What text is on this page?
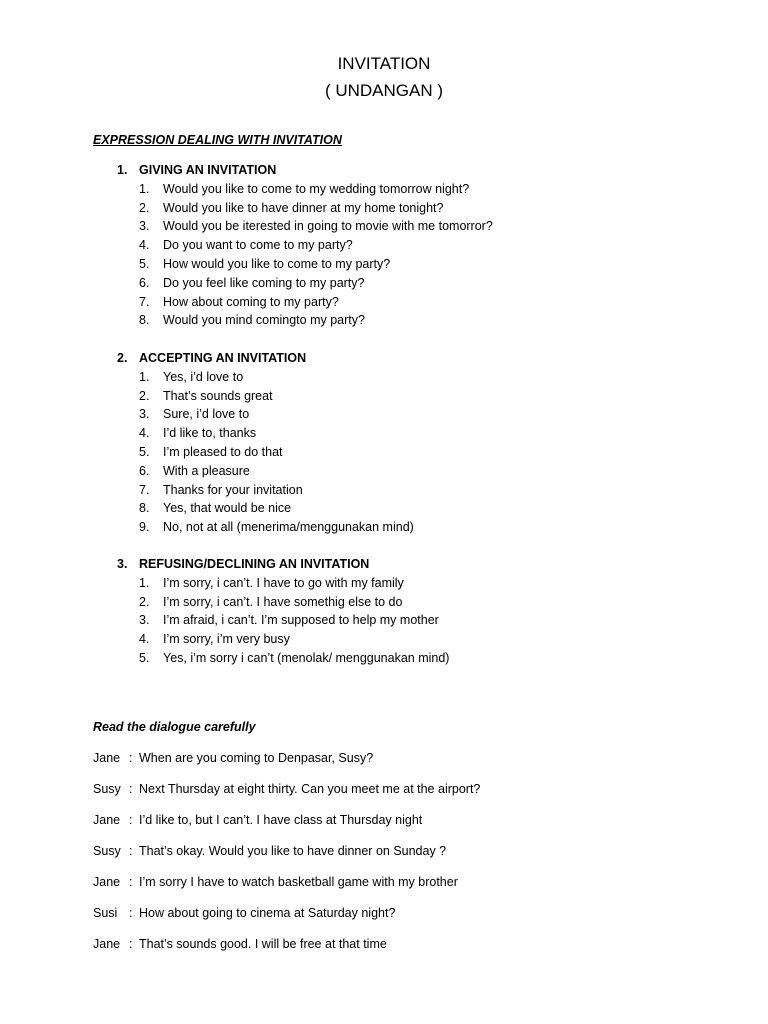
INVITATION
( UNDANGAN )
EXPRESSION DEALING WITH INVITATION
1. GIVING AN INVITATION
1. Would you like to come to my wedding tomorrow night?
2. Would you like to have dinner at my home tonight?
3. Would you be iterested in going to movie with me tomorror?
4. Do you want to come to my party?
5. How would you like to come to my party?
6. Do you feel like coming to my party?
7. How about coming to my party?
8. Would you mind comingto my party?
2. ACCEPTING AN INVITATION
1. Yes, i’d love to
2. That’s sounds great
3. Sure, i’d love to
4. I’d like to, thanks
5. I’m pleased to do that
6. With a pleasure
7. Thanks for your invitation
8. Yes, that would be nice
9. No, not at all (menerima/menggunakan mind)
3. REFUSING/DECLINING AN INVITATION
1. I’m sorry, i can’t. I have to go with my family
2. I’m sorry, i can’t. I have somethig else to do
3. I’m afraid, i can’t. I’m supposed to help my mother
4. I’m sorry, i’m very busy
5. Yes, i’m sorry i can’t (menolak/ menggunakan mind)
Read the dialogue carefully
Jane : When are you coming to Denpasar, Susy?
Susy : Next Thursday at eight thirty. Can you meet me at the airport?
Jane : I’d like to, but I can’t. I have class at Thursday night
Susy : That’s okay. Would you like to have dinner on Sunday ?
Jane : I’m sorry I have to watch basketball game with my brother
Susi : How about going to cinema at Saturday night?
Jane : That’s sounds good. I will be free at that time
